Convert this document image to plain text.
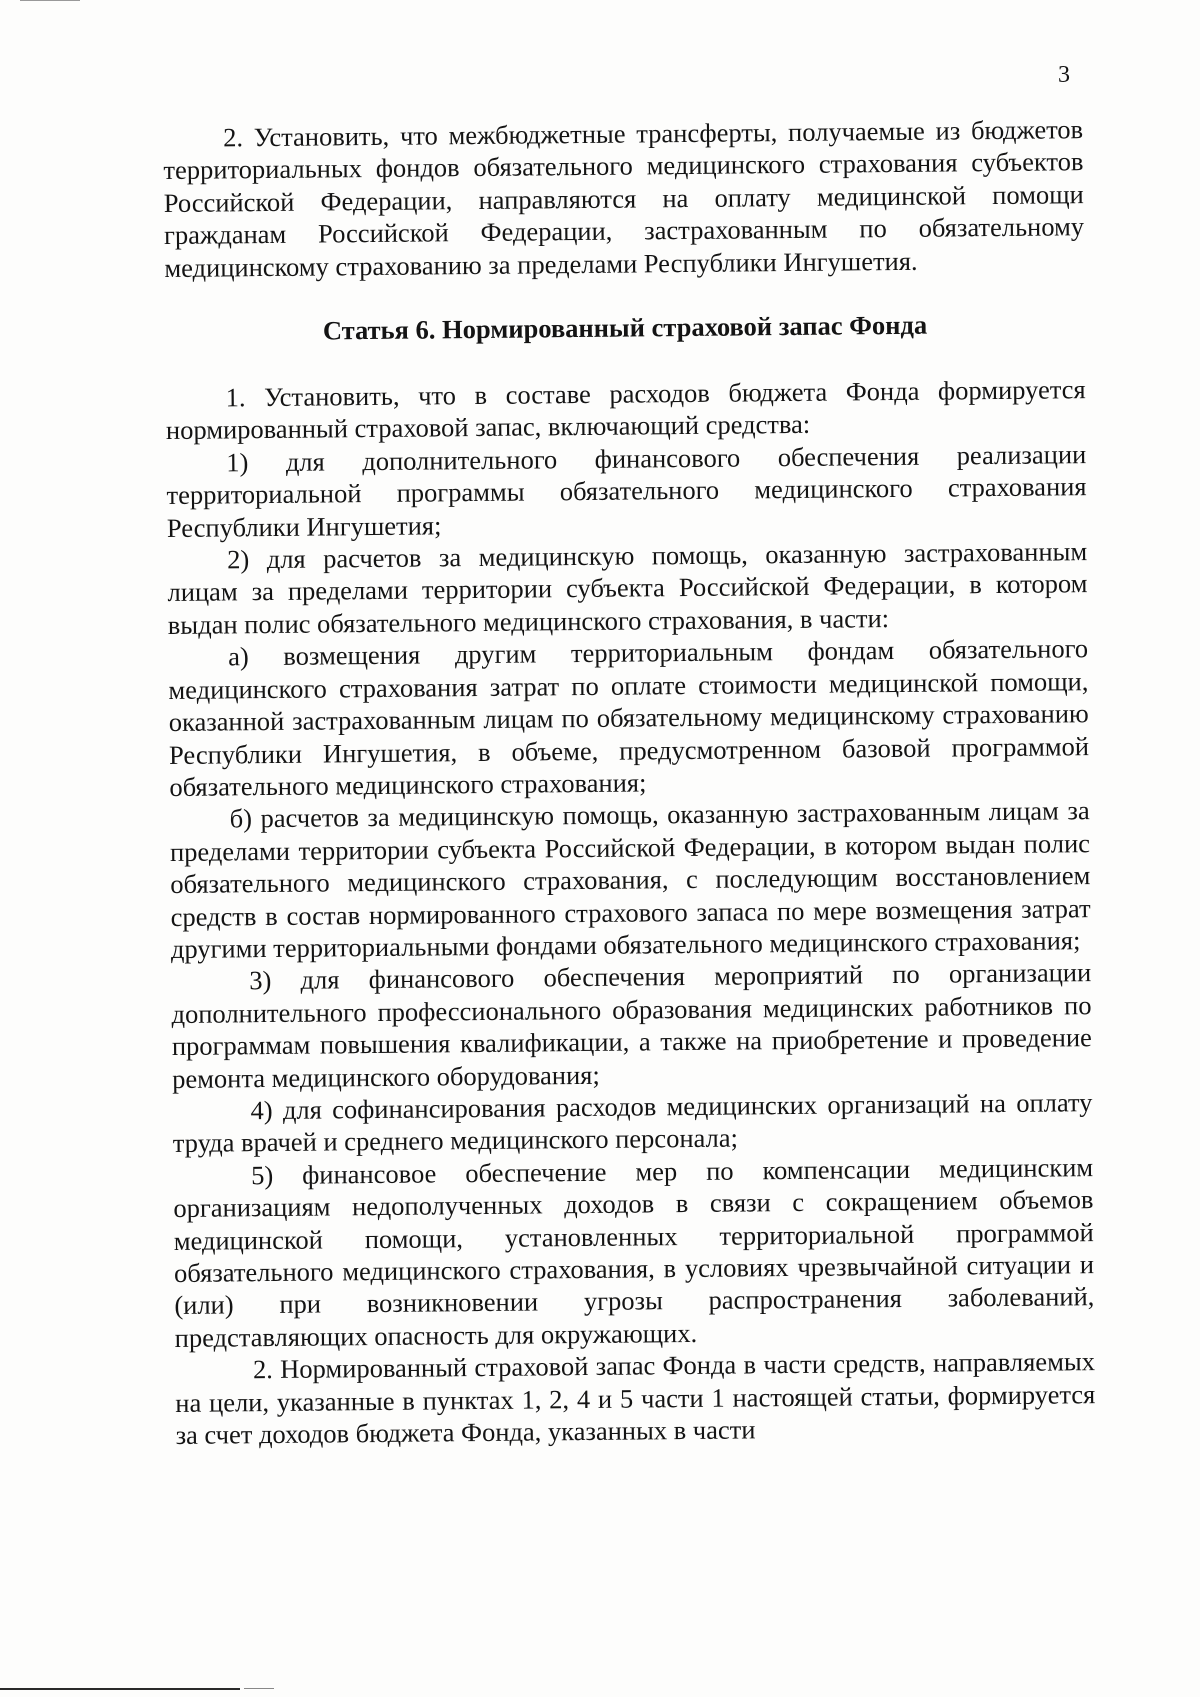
3

2. Установить, что межбюджетные трансферты, получаемые из бюджетов территориальных фондов обязательного медицинского страхования субъектов Российской Федерации, направляются на оплату медицинской помощи гражданам Российской Федерации, застрахованным по обязательному медицинскому страхованию за пределами Республики Ингушетия.

Статья 6. Нормированный страховой запас Фонда

1. Установить, что в составе расходов бюджета Фонда формируется нормированный страховой запас, включающий средства:

1) для дополнительного финансового обеспечения реализации территориальной программы обязательного медицинского страхования Республики Ингушетия;

2) для расчетов за медицинскую помощь, оказанную застрахованным лицам за пределами территории субъекта Российской Федерации, в котором выдан полис обязательного медицинского страхования, в части:

а) возмещения другим территориальным фондам обязательного медицинского страхования затрат по оплате стоимости медицинской помощи, оказанной застрахованным лицам по обязательному медицинскому страхованию Республики Ингушетия, в объеме, предусмотренном базовой программой обязательного медицинского страхования;

б) расчетов за медицинскую помощь, оказанную застрахованным лицам за пределами территории субъекта Российской Федерации, в котором выдан полис обязательного медицинского страхования, с последующим восстановлением средств в состав нормированного страхового запаса по мере возмещения затрат другими территориальными фондами обязательного медицинского страхования;

3) для финансового обеспечения мероприятий по организации дополнительного профессионального образования медицинских работников по программам повышения квалификации, а также на приобретение и проведение ремонта медицинского оборудования;

4) для софинансирования расходов медицинских организаций на оплату труда врачей и среднего медицинского персонала;

5) финансовое обеспечение мер по компенсации медицинским организациям недополученных доходов в связи с сокращением объемов медицинской помощи, установленных территориальной программой обязательного медицинского страхования, в условиях чрезвычайной ситуации и (или) при возникновении угрозы распространения заболеваний, представляющих опасность для окружающих.

2. Нормированный страховой запас Фонда в части средств, направляемых на цели, указанные в пунктах 1, 2, 4 и 5 части 1 настоящей статьи, формируется за счет доходов бюджета Фонда, указанных в части
